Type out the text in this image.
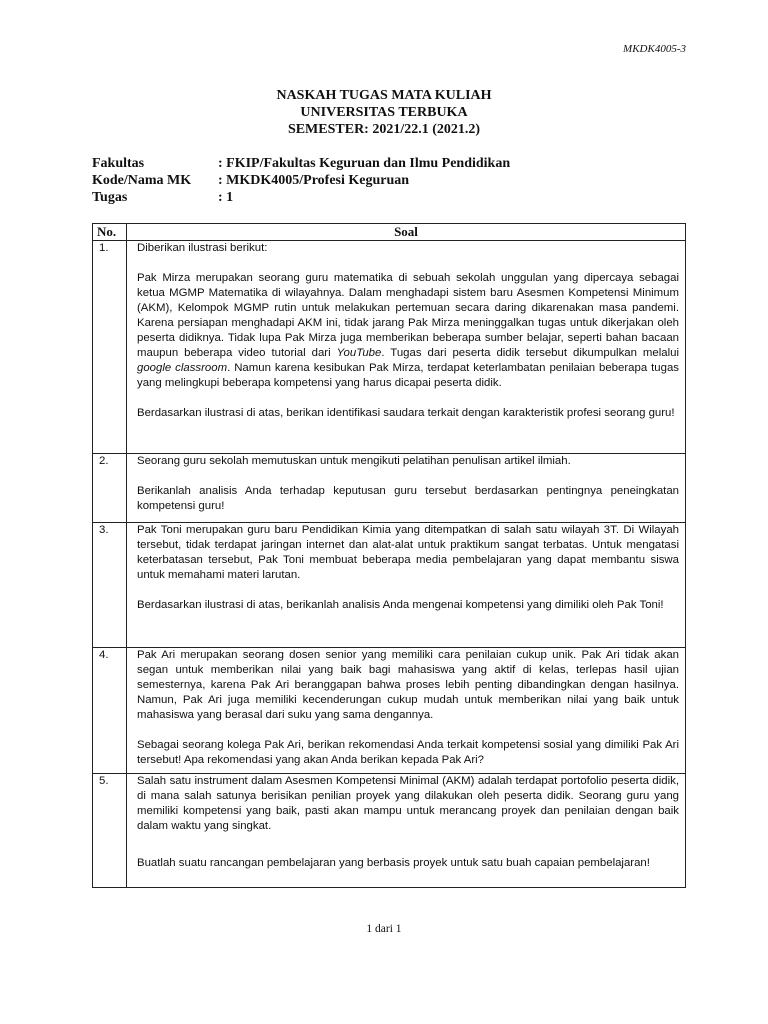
MKDK4005-3
NASKAH TUGAS MATA KULIAH
UNIVERSITAS TERBUKA
SEMESTER: 2021/22.1 (2021.2)
Fakultas	: FKIP/Fakultas Keguruan dan Ilmu Pendidikan
Kode/Nama MK	: MKDK4005/Profesi Keguruan
Tugas	: 1
No.	Soal
1.	Diberikan ilustrasi berikut:

Pak Mirza merupakan seorang guru matematika di sebuah sekolah unggulan yang dipercaya sebagai ketua MGMP Matematika di wilayahnya. Dalam menghadapi sistem baru Asesmen Kompetensi Minimum (AKM), Kelompok MGMP rutin untuk melakukan pertemuan secara daring dikarenakan masa pandemi. Karena persiapan menghadapi AKM ini, tidak jarang Pak Mirza meninggalkan tugas untuk dikerjakan oleh peserta didiknya. Tidak lupa Pak Mirza juga memberikan beberapa sumber belajar, seperti bahan bacaan maupun beberapa video tutorial dari YouTube. Tugas dari peserta didik tersebut dikumpulkan melalui google classroom. Namun karena kesibukan Pak Mirza, terdapat keterlambatan penilaian beberapa tugas yang melingkupi beberapa kompetensi yang harus dicapai peserta didik.

Berdasarkan ilustrasi di atas, berikan identifikasi saudara terkait dengan karakteristik profesi seorang guru!

2.	Seorang guru sekolah memutuskan untuk mengikuti pelatihan penulisan artikel ilmiah.

Berikanlah analisis Anda terhadap keputusan guru tersebut berdasarkan pentingnya peneingkatan kompetensi guru!

3.	Pak Toni merupakan guru baru Pendidikan Kimia yang ditempatkan di salah satu wilayah 3T. Di Wilayah tersebut, tidak terdapat jaringan internet dan alat-alat untuk praktikum sangat terbatas. Untuk mengatasi keterbatasan tersebut, Pak Toni membuat beberapa media pembelajaran yang dapat membantu siswa untuk memahami materi larutan.

Berdasarkan ilustrasi di atas, berikanlah analisis Anda mengenai kompetensi yang dimiliki oleh Pak Toni!

4.	Pak Ari merupakan seorang dosen senior yang memiliki cara penilaian cukup unik. Pak Ari tidak akan segan untuk memberikan nilai yang baik bagi mahasiswa yang aktif di kelas, terlepas hasil ujian semesternya, karena Pak Ari beranggapan bahwa proses lebih penting dibandingkan dengan hasilnya. Namun, Pak Ari juga memiliki kecenderungan cukup mudah untuk memberikan nilai yang baik untuk mahasiswa yang berasal dari suku yang sama dengannya.

Sebagai seorang kolega Pak Ari, berikan rekomendasi Anda terkait kompetensi sosial yang dimiliki Pak Ari tersebut! Apa rekomendasi yang akan Anda berikan kepada Pak Ari?

5.	Salah satu instrument dalam Asesmen Kompetensi Minimal (AKM) adalah terdapat portofolio peserta didik, di mana salah satunya berisikan penilian proyek yang dilakukan oleh peserta didik. Seorang guru yang memiliki kompetensi yang baik, pasti akan mampu untuk merancang proyek dan penilaian dengan baik dalam waktu yang singkat.

Buatlah suatu rancangan pembelajaran yang berbasis proyek untuk satu buah capaian pembelajaran!

1 dari 1
